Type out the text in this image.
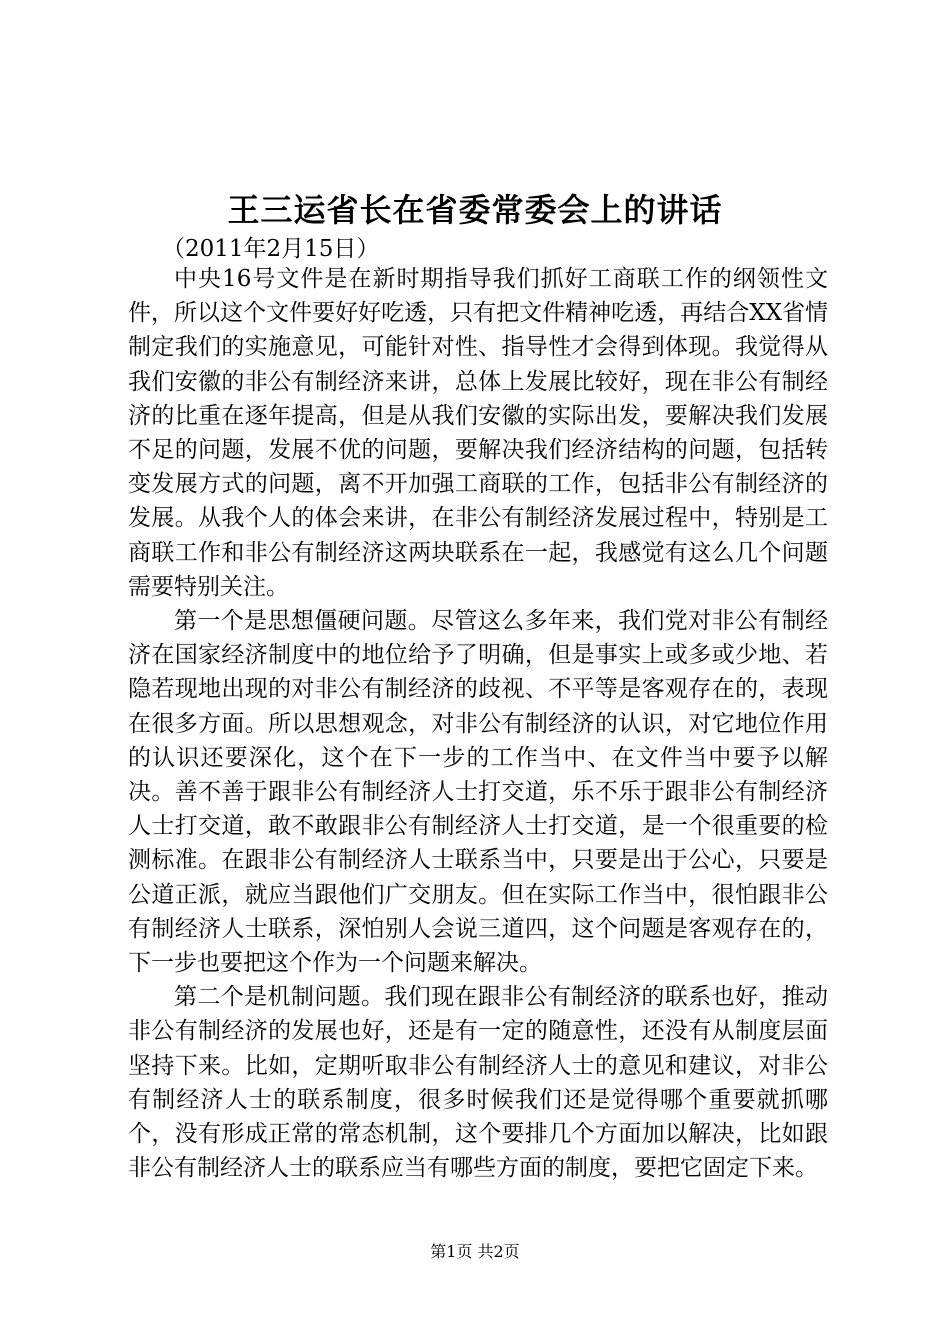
王三运省长在省委常委会上的讲话
（2011年2月15日）

中央16号文件是在新时期指导我们抓好工商联工作的纲领性文件，所以这个文件要好好吃透，只有把文件精神吃透，再结合XX省情制定我们的实施意见，可能针对性、指导性才会得到体现。我觉得从我们安徽的非公有制经济来讲，总体上发展比较好，现在非公有制经济的比重在逐年提高，但是从我们安徽的实际出发，要解决我们发展不足的问题，发展不优的问题，要解决我们经济结构的问题，包括转变发展方式的问题，离不开加强工商联的工作，包括非公有制经济的发展。从我个人的体会来讲，在非公有制经济发展过程中，特别是工商联工作和非公有制经济这两块联系在一起，我感觉有这么几个问题需要特别关注。

第一个是思想僵硬问题。尽管这么多年来，我们党对非公有制经济在国家经济制度中的地位给予了明确，但是事实上或多或少地、若隐若现地出现的对非公有制经济的歧视、不平等是客观存在的，表现在很多方面。所以思想观念，对非公有制经济的认识，对它地位作用的认识还要深化，这个在下一步的工作当中、在文件当中要予以解决。善不善于跟非公有制经济人士打交道，乐不乐于跟非公有制经济人士打交道，敢不敢跟非公有制经济人士打交道，是一个很重要的检测标准。在跟非公有制经济人士联系当中，只要是出于公心，只要是公道正派，就应当跟他们广交朋友。但在实际工作当中，很怕跟非公有制经济人士联系，深怕别人会说三道四，这个问题是客观存在的，下一步也要把这个作为一个问题来解决。

第二个是机制问题。我们现在跟非公有制经济的联系也好，推动非公有制经济的发展也好，还是有一定的随意性，还没有从制度层面坚持下来。比如，定期听取非公有制经济人士的意见和建议，对非公有制经济人士的联系制度，很多时候我们还是觉得哪个重要就抓哪个，没有形成正常的常态机制，这个要排几个方面加以解决，比如跟非公有制经济人士的联系应当有哪些方面的制度，要把它固定下来。

第1页 共2页
